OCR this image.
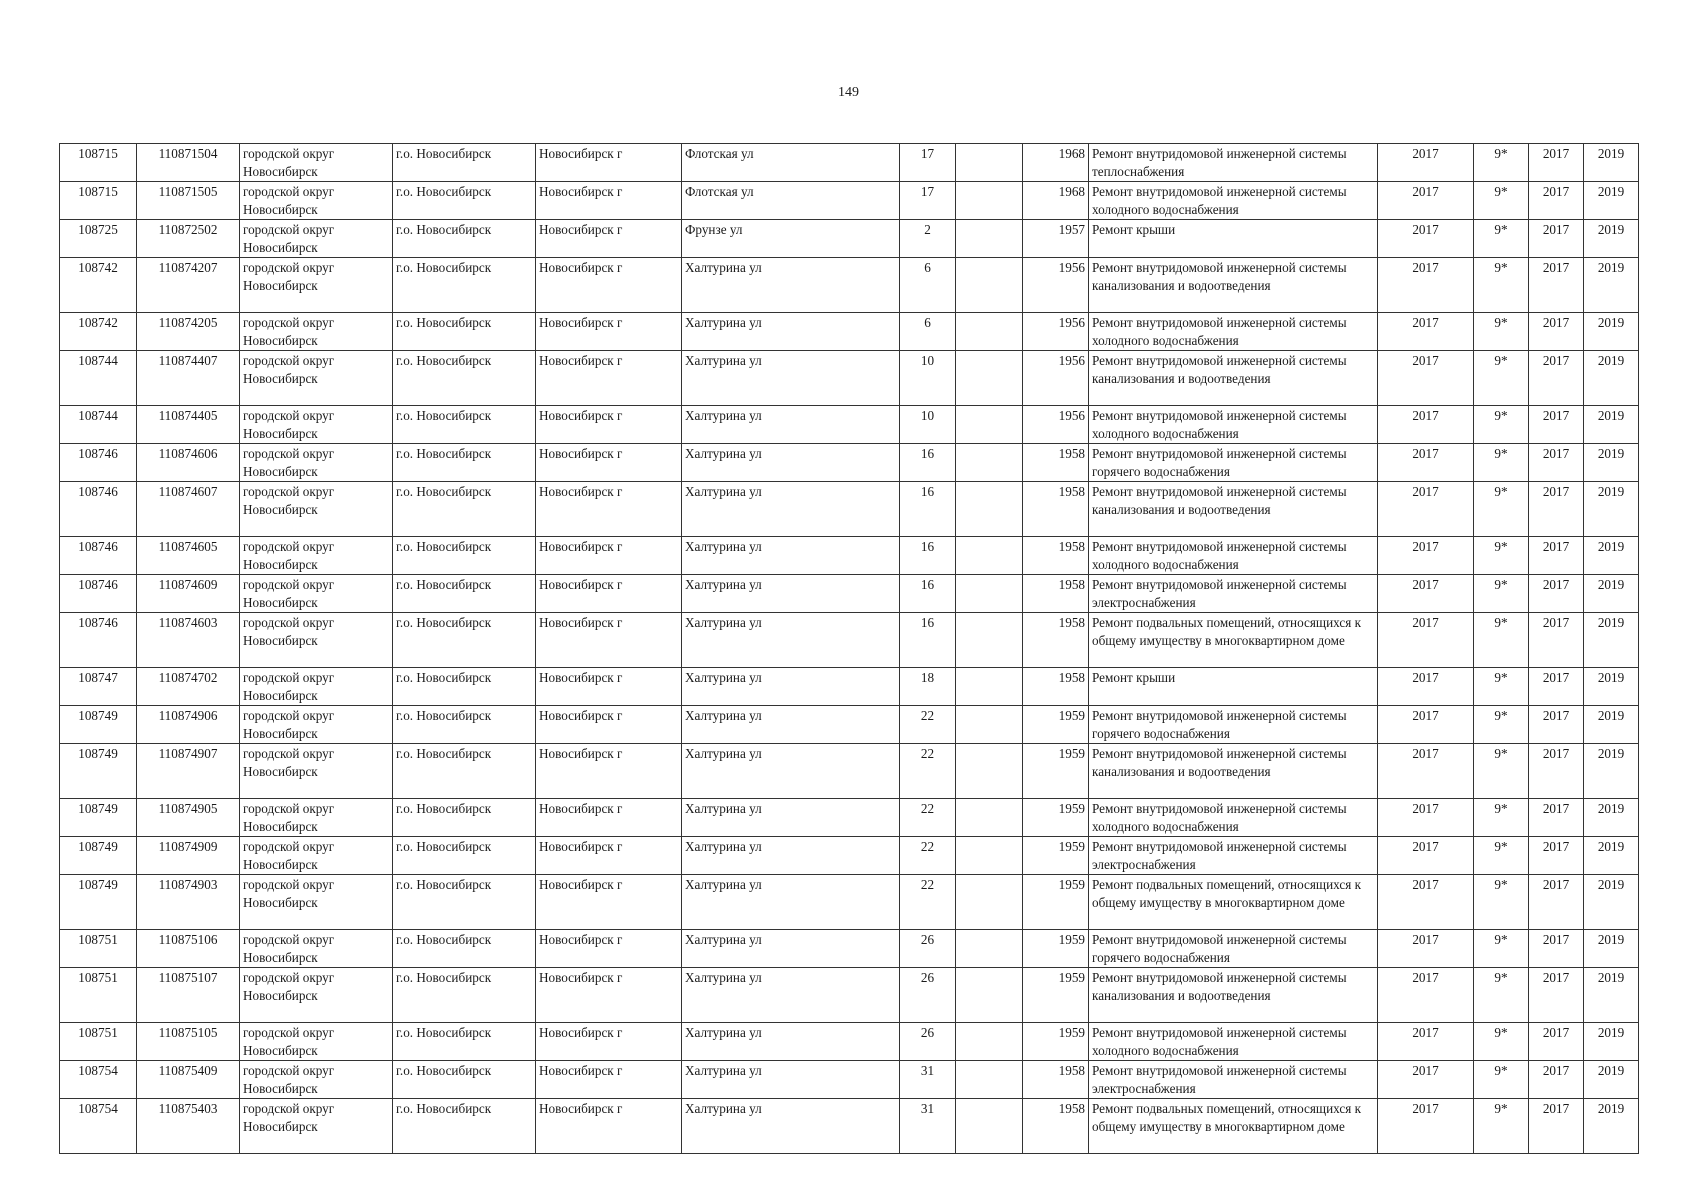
149
108715	110871504	городской округ Новосибирск	г.о. Новосибирск	Новосибирск г	Флотская ул	17		1968	Ремонт внутридомовой инженерной системы теплоснабжения	2017	9*	2017	2019
108715	110871505	городской округ Новосибирск	г.о. Новосибирск	Новосибирск г	Флотская ул	17		1968	Ремонт внутридомовой инженерной системы холодного водоснабжения	2017	9*	2017	2019
108725	110872502	городской округ Новосибирск	г.о. Новосибирск	Новосибирск г	Фрунзе ул	2		1957	Ремонт крыши	2017	9*	2017	2019
108742	110874207	городской округ Новосибирск	г.о. Новосибирск	Новосибирск г	Халтурина ул	6		1956	Ремонт внутридомовой инженерной системы канализования и водоотведения	2017	9*	2017	2019
108742	110874205	городской округ Новосибирск	г.о. Новосибирск	Новосибирск г	Халтурина ул	6		1956	Ремонт внутридомовой инженерной системы холодного водоснабжения	2017	9*	2017	2019
108744	110874407	городской округ Новосибирск	г.о. Новосибирск	Новосибирск г	Халтурина ул	10		1956	Ремонт внутридомовой инженерной системы канализования и водоотведения	2017	9*	2017	2019
108744	110874405	городской округ Новосибирск	г.о. Новосибирск	Новосибирск г	Халтурина ул	10		1956	Ремонт внутридомовой инженерной системы холодного водоснабжения	2017	9*	2017	2019
108746	110874606	городской округ Новосибирск	г.о. Новосибирск	Новосибирск г	Халтурина ул	16		1958	Ремонт внутридомовой инженерной системы горячего водоснабжения	2017	9*	2017	2019
108746	110874607	городской округ Новосибирск	г.о. Новосибирск	Новосибирск г	Халтурина ул	16		1958	Ремонт внутридомовой инженерной системы канализования и водоотведения	2017	9*	2017	2019
108746	110874605	городской округ Новосибирск	г.о. Новосибирск	Новосибирск г	Халтурина ул	16		1958	Ремонт внутридомовой инженерной системы холодного водоснабжения	2017	9*	2017	2019
108746	110874609	городской округ Новосибирск	г.о. Новосибирск	Новосибирск г	Халтурина ул	16		1958	Ремонт внутридомовой инженерной системы электроснабжения	2017	9*	2017	2019
108746	110874603	городской округ Новосибирск	г.о. Новосибирск	Новосибирск г	Халтурина ул	16		1958	Ремонт подвальных помещений, относящихся к общему имуществу в многоквартирном доме	2017	9*	2017	2019
108747	110874702	городской округ Новосибирск	г.о. Новосибирск	Новосибирск г	Халтурина ул	18		1958	Ремонт крыши	2017	9*	2017	2019
108749	110874906	городской округ Новосибирск	г.о. Новосибирск	Новосибирск г	Халтурина ул	22		1959	Ремонт внутридомовой инженерной системы горячего водоснабжения	2017	9*	2017	2019
108749	110874907	городской округ Новосибирск	г.о. Новосибирск	Новосибирск г	Халтурина ул	22		1959	Ремонт внутридомовой инженерной системы канализования и водоотведения	2017	9*	2017	2019
108749	110874905	городской округ Новосибирск	г.о. Новосибирск	Новосибирск г	Халтурина ул	22		1959	Ремонт внутридомовой инженерной системы холодного водоснабжения	2017	9*	2017	2019
108749	110874909	городской округ Новосибирск	г.о. Новосибирск	Новосибирск г	Халтурина ул	22		1959	Ремонт внутридомовой инженерной системы электроснабжения	2017	9*	2017	2019
108749	110874903	городской округ Новосибирск	г.о. Новосибирск	Новосибирск г	Халтурина ул	22		1959	Ремонт подвальных помещений, относящихся к общему имуществу в многоквартирном доме	2017	9*	2017	2019
108751	110875106	городской округ Новосибирск	г.о. Новосибирск	Новосибирск г	Халтурина ул	26		1959	Ремонт внутридомовой инженерной системы горячего водоснабжения	2017	9*	2017	2019
108751	110875107	городской округ Новосибирск	г.о. Новосибирск	Новосибирск г	Халтурина ул	26		1959	Ремонт внутридомовой инженерной системы канализования и водоотведения	2017	9*	2017	2019
108751	110875105	городской округ Новосибирск	г.о. Новосибирск	Новосибирск г	Халтурина ул	26		1959	Ремонт внутридомовой инженерной системы холодного водоснабжения	2017	9*	2017	2019
108754	110875409	городской округ Новосибирск	г.о. Новосибирск	Новосибирск г	Халтурина ул	31		1958	Ремонт внутридомовой инженерной системы электроснабжения	2017	9*	2017	2019
108754	110875403	городской округ Новосибирск	г.о. Новосибирск	Новосибирск г	Халтурина ул	31		1958	Ремонт подвальных помещений, относящихся к общему имуществу в многоквартирном доме	2017	9*	2017	2019
